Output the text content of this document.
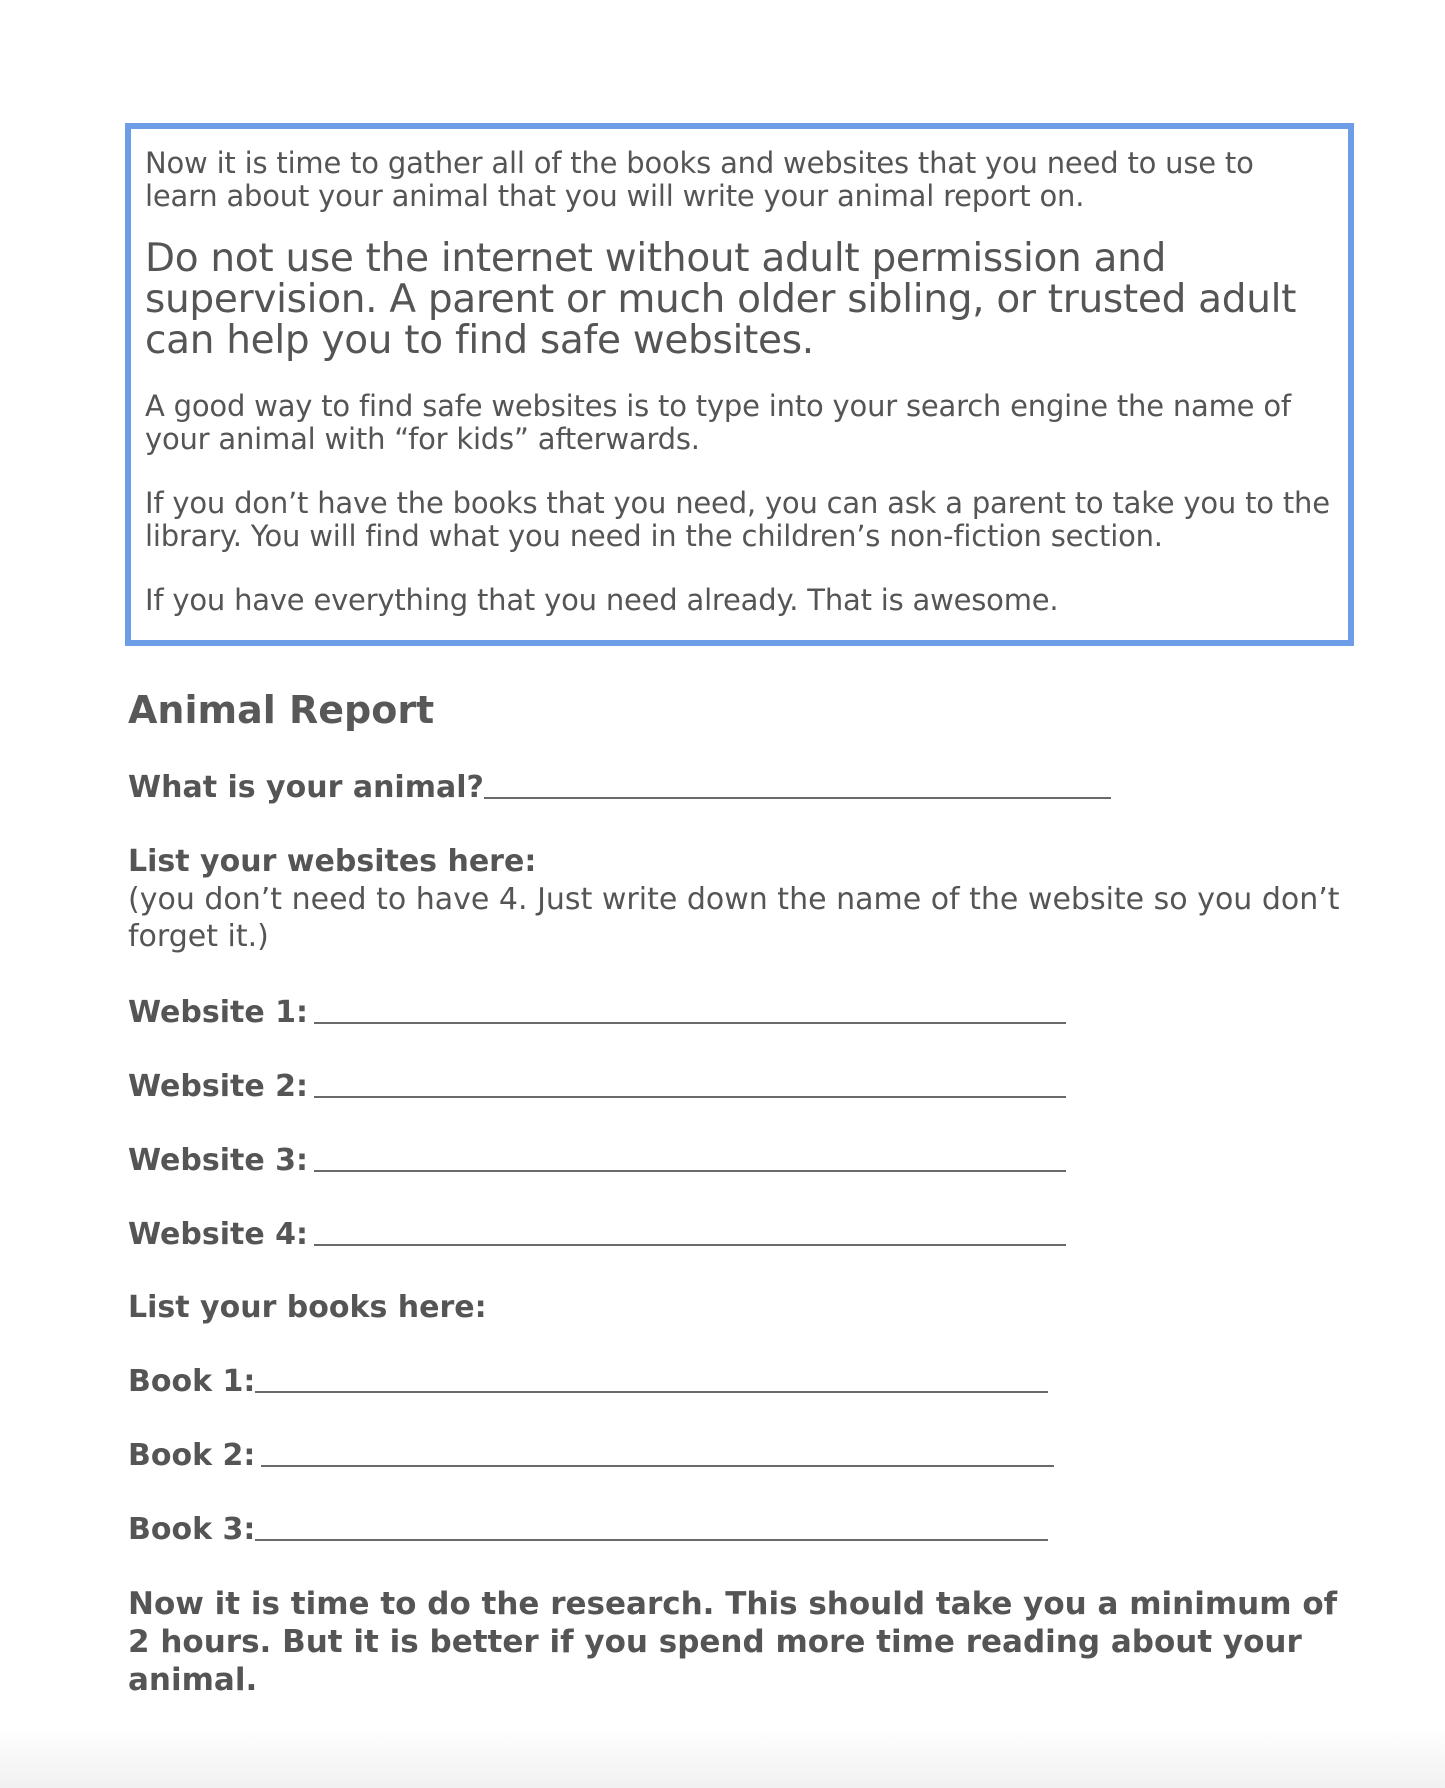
Now it is time to gather all of the books and websites that you need to use to learn about your animal that you will write your animal report on.

Do not use the internet without adult permission and supervision. A parent or much older sibling, or trusted adult can help you to find safe websites.

A good way to find safe websites is to type into your search engine the name of your animal with “for kids” afterwards.

If you don’t have the books that you need, you can ask a parent to take you to the library. You will find what you need in the children’s non-fiction section.

If you have everything that you need already. That is awesome.

Animal Report
What is your animal?

List your websites here:

(you don’t need to have 4. Just write down the name of the website so you don’t forget it.)

Website 1:
Website 2:
Website 3:
Website 4:

List your books here:

Book 1:
Book 2:
Book 3:

Now it is time to do the research. This should take you a minimum of 2 hours. But it is better if you spend more time reading about your animal.
